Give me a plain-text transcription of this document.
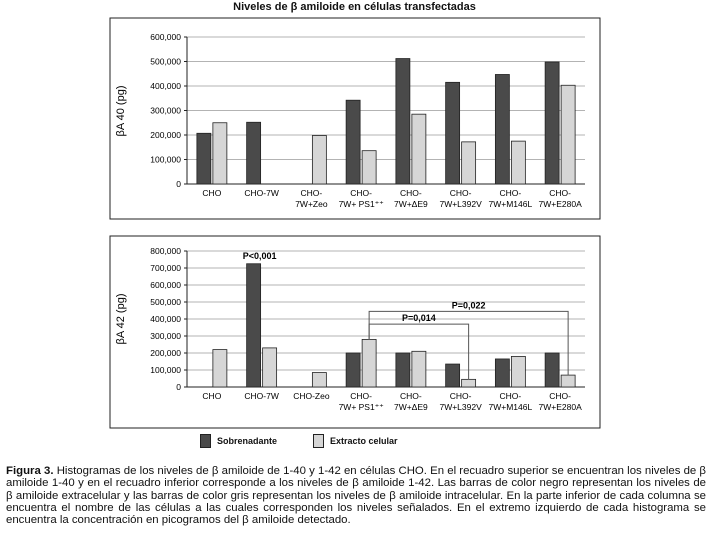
Niveles de β amiloide en células transfectadas
0
100,000
200,000
300,000
400,000
500,000
600,000
βA 40 (pg)
CHO	CHO-7W	CHO-
7W+Zeo
CHO-
7W+ PS1⁺⁺
CHO-
7W+ΔE9
CHO-
7W+L392V
CHO-
7W+M146L
CHO-
7W+E280A
0
100,000
200,000
300,000
400,000
500,000
600,000
700,000
800,000
βA 42 (pg)
CHO	CHO-7W CHO-Zeo CHO-
7W+ PS1⁺⁺
CHO-
7W+ΔE9
CHO-
7W+L392V
CHO-
7W+M146L
CHO-
7W+E280A
P<0,001
P=0,014
P=0,022
Sobrenadante	Extracto celular
Figura 3. Histogramas de los niveles de β amiloide de 1-40 y 1-42 en células CHO. En el recuadro superior se encuentran los niveles de β amiloide 1-40 y en el recuadro inferior corresponde a los niveles de β amiloide 1-42. Las barras de color negro representan los niveles de β amiloide extracelular y las barras de color gris representan los niveles de β amiloide intracelular. En la parte inferior de cada columna se encuentra el nombre de las células a las cuales corresponden los niveles señalados. En el extremo izquierdo de cada histograma se encuentra la concentración en picogramos del β amiloide detectado.
